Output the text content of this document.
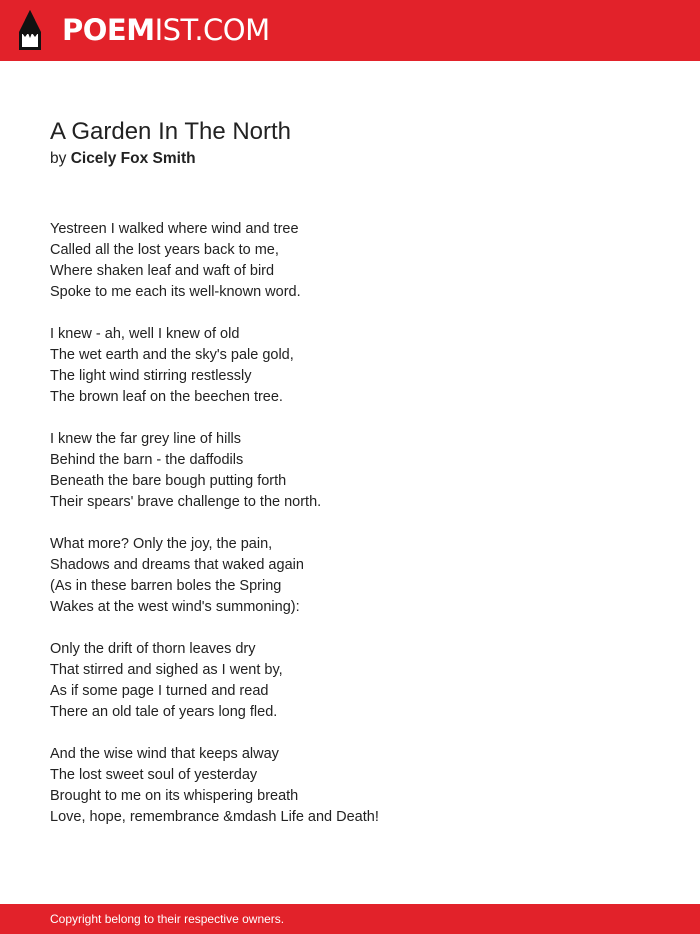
POEMIST.COM
A Garden In The North
by Cicely Fox Smith
Yestreen I walked where wind and tree
Called all the lost years back to me,
Where shaken leaf and waft of bird
Spoke to me each its well-known word.
I knew - ah, well I knew of old
The wet earth and the sky's pale gold,
The light wind stirring restlessly
The brown leaf on the beechen tree.
I knew the far grey line of hills
Behind the barn - the daffodils
Beneath the bare bough putting forth
Their spears' brave challenge to the north.
What more? Only the joy, the pain,
Shadows and dreams that waked again
(As in these barren boles the Spring
Wakes at the west wind's summoning):
Only the drift of thorn leaves dry
That stirred and sighed as I went by,
As if some page I turned and read
There an old tale of years long fled.
And the wise wind that keeps alway
The lost sweet soul of yesterday
Brought to me on its whispering breath
Love, hope, remembrance &mdash Life and Death!
Copyright belong to their respective owners.
